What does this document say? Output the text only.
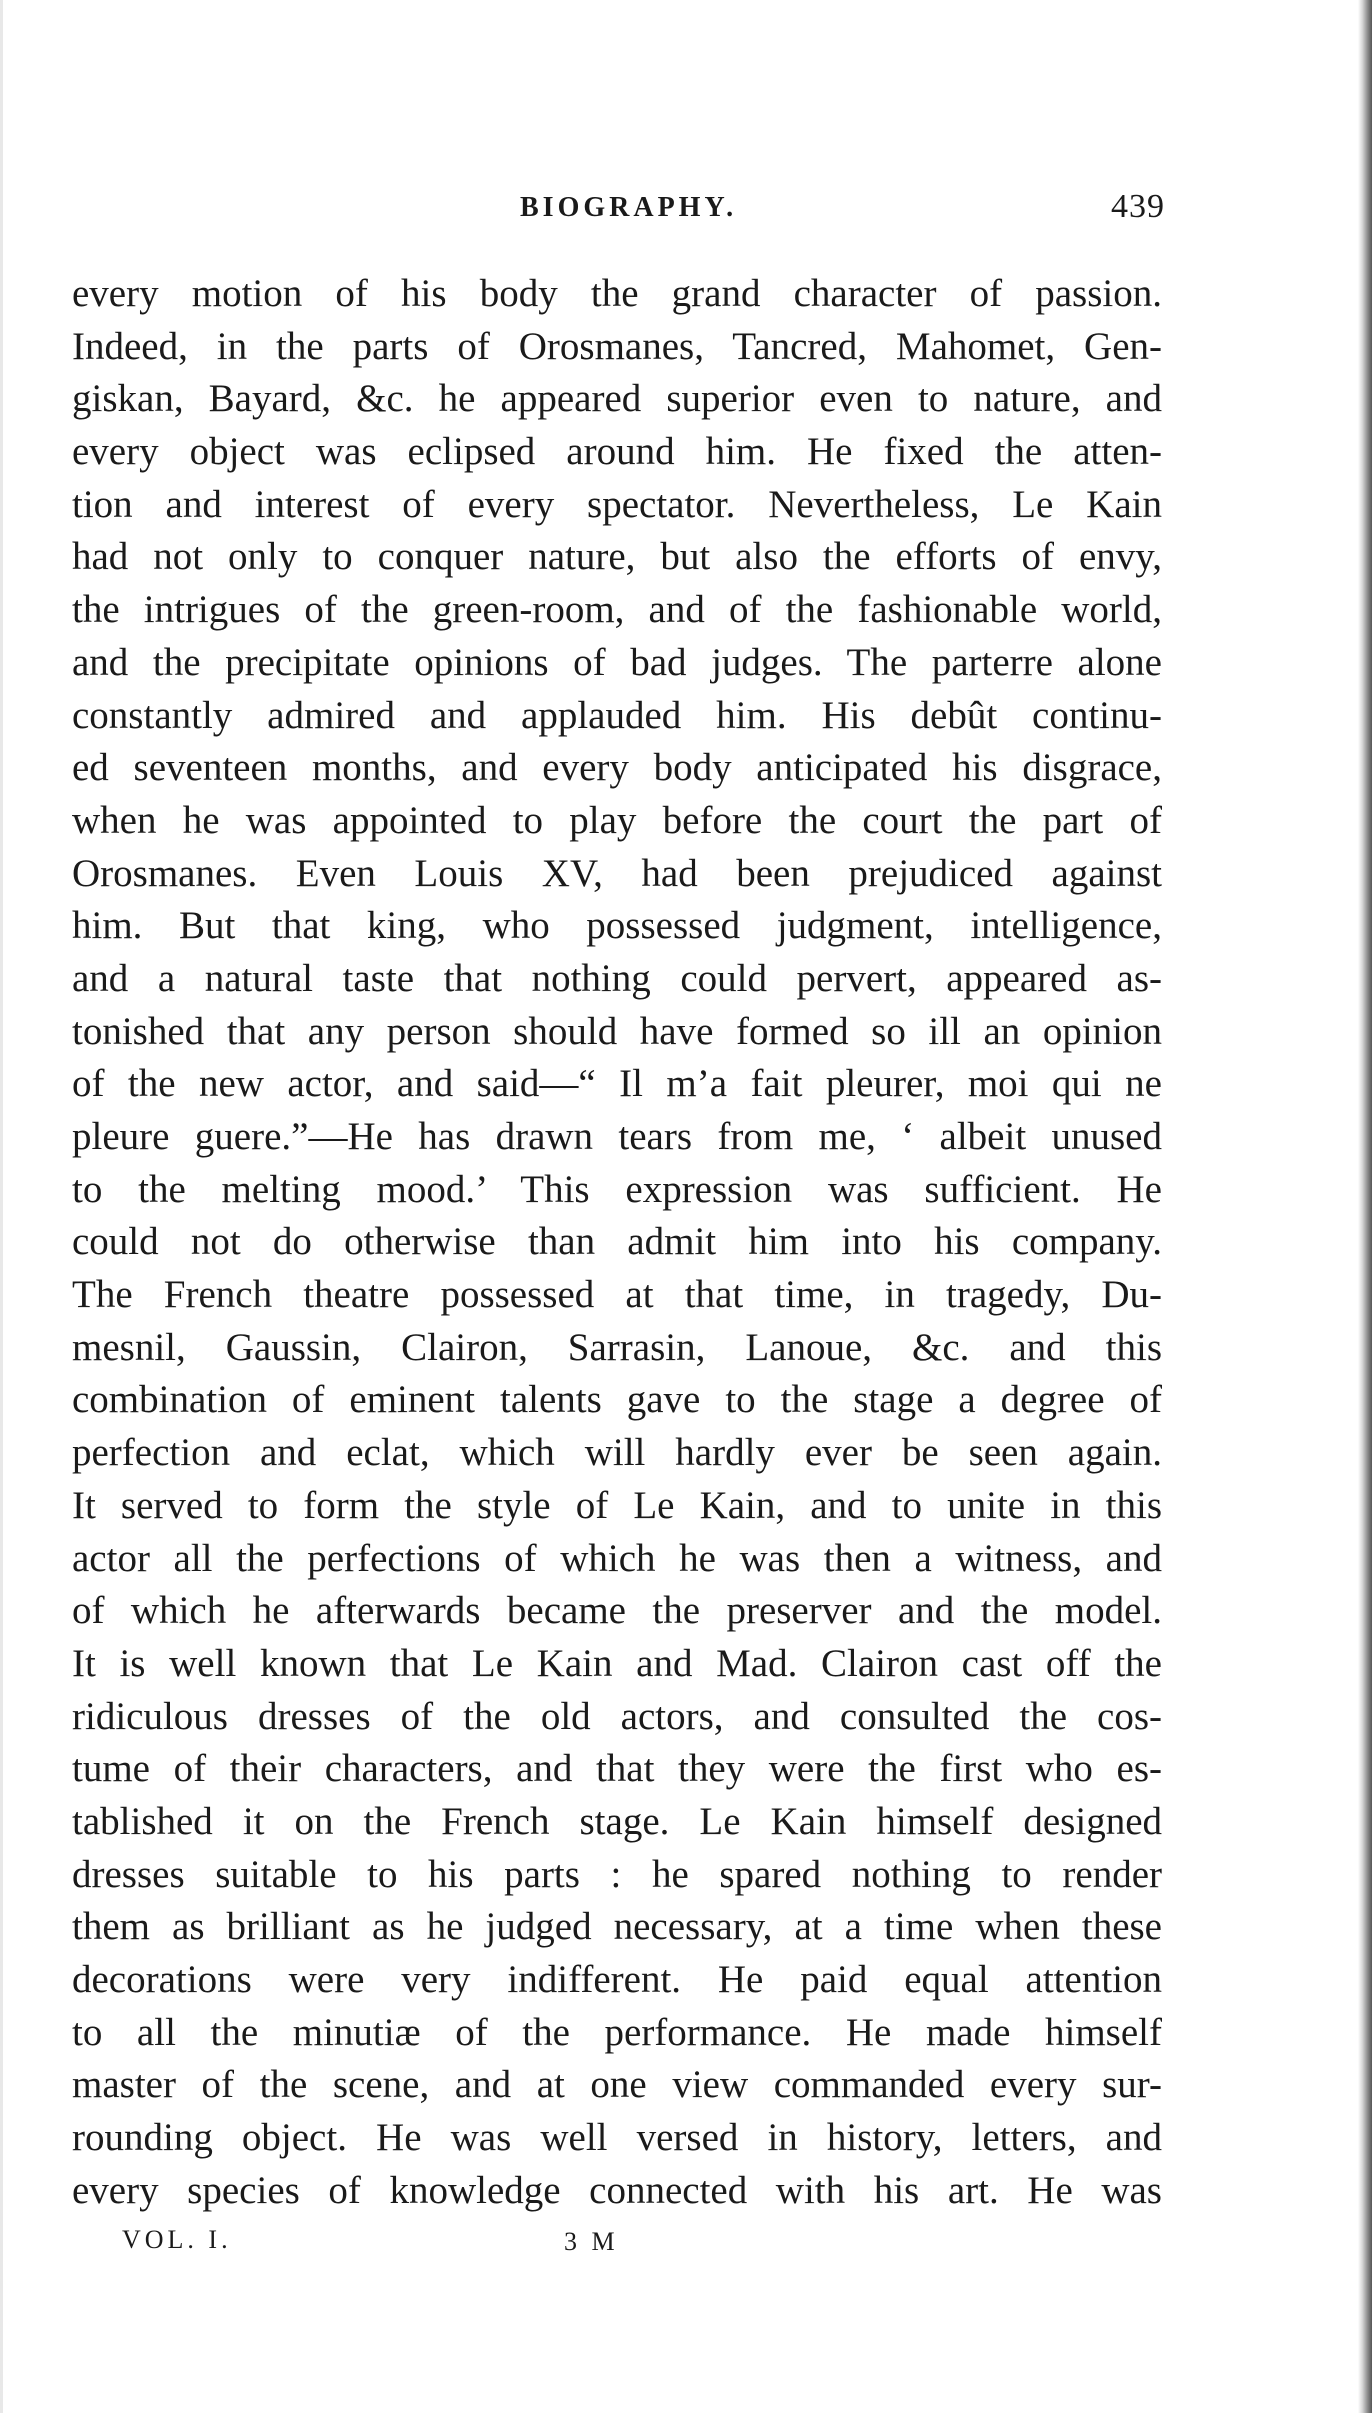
BIOGRAPHY.	439
every motion of his body the grand character of passion.
Indeed, in the parts of Orosmanes, Tancred, Mahomet, Gen-
giskan, Bayard, &c. he appeared superior even to nature, and
every object was eclipsed around him. He fixed the atten-
tion and interest of every spectator. Nevertheless, Le Kain
had not only to conquer nature, but also the efforts of envy,
the intrigues of the green-room, and of the fashionable world,
and the precipitate opinions of bad judges. The parterre alone
constantly admired and applauded him. His debût continu-
ed seventeen months, and every body anticipated his disgrace,
when he was appointed to play before the court the part of
Orosmanes. Even Louis XV, had been prejudiced against
him. But that king, who possessed judgment, intelligence,
and a natural taste that nothing could pervert, appeared as-
tonished that any person should have formed so ill an opinion
of the new actor, and said—“ Il m’a fait pleurer, moi qui ne
pleure guere.”—He has drawn tears from me, ‘ albeit unused
to the melting mood.’ This expression was sufficient. He
could not do otherwise than admit him into his company.
The French theatre possessed at that time, in tragedy, Du-
mesnil, Gaussin, Clairon, Sarrasin, Lanoue, &c. and this
combination of eminent talents gave to the stage a degree of
perfection and eclat, which will hardly ever be seen again.
It served to form the style of Le Kain, and to unite in this
actor all the perfections of which he was then a witness, and
of which he afterwards became the preserver and the model.
It is well known that Le Kain and Mad. Clairon cast off the
ridiculous dresses of the old actors, and consulted the cos-
tume of their characters, and that they were the first who es-
tablished it on the French stage. Le Kain himself designed
dresses suitable to his parts : he spared nothing to render
them as brilliant as he judged necessary, at a time when these
decorations were very indifferent. He paid equal attention
to all the minutiæ of the performance. He made himself
master of the scene, and at one view commanded every sur-
rounding object. He was well versed in history, letters, and
every species of knowledge connected with his art. He was
VOL. I.	3 M
